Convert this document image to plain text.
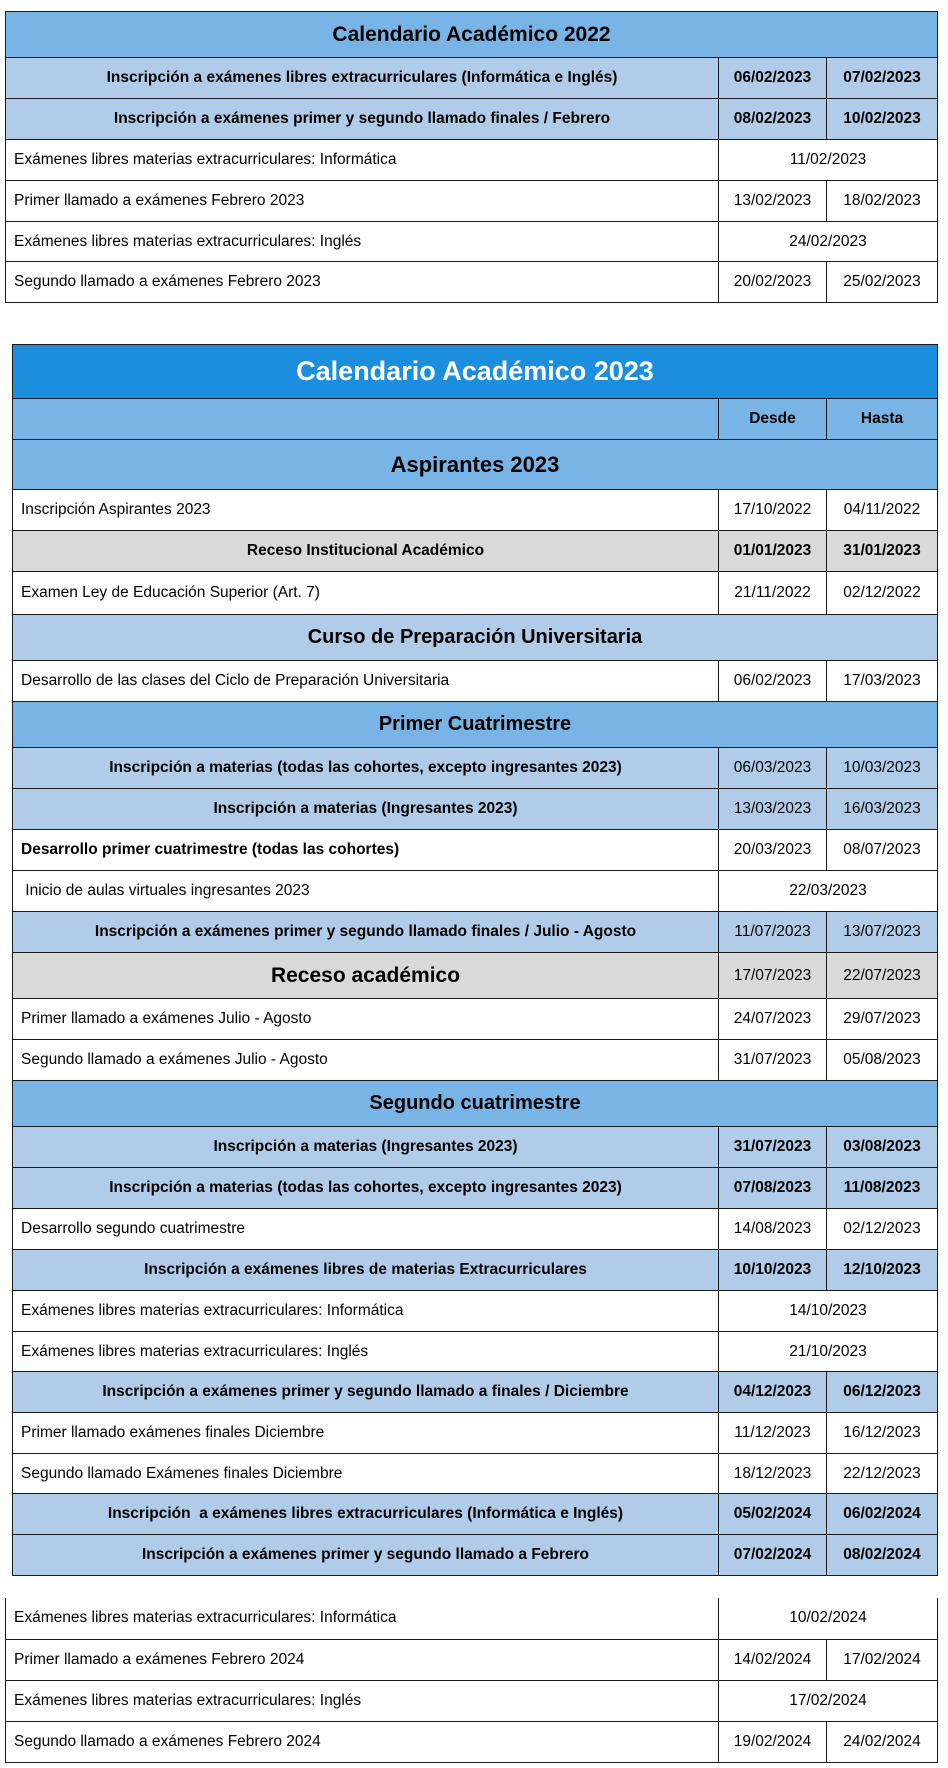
Calendario Académico 2022		
Inscripción a exámenes libres extracurriculares (Informática e Inglés)	06/02/2023	07/02/2023
Inscripción a exámenes primer y segundo llamado finales / Febrero	08/02/2023	10/02/2023
Exámenes libres materias extracurriculares: Informática	11/02/2023	
Primer llamado a exámenes Febrero 2023	13/02/2023	18/02/2023
Exámenes libres materias extracurriculares: Inglés	24/02/2023	
Segundo llamado a exámenes Febrero 2023	20/02/2023	25/02/2023
Calendario Académico 2023		
	Desde	Hasta
Aspirantes 2023		
Inscripción Aspirantes 2023	17/10/2022	04/11/2022
Receso Institucional Académico	01/01/2023	31/01/2023
Examen Ley de Educación Superior (Art. 7)	21/11/2022	02/12/2022
Curso de Preparación Universitaria		
Desarrollo de las clases del Ciclo de Preparación Universitaria	06/02/2023	17/03/2023
Primer Cuatrimestre		
Inscripción a materias (todas las cohortes, excepto ingresantes 2023)	06/03/2023	10/03/2023
Inscripción a materias (Ingresantes 2023)	13/03/2023	16/03/2023
Desarrollo primer cuatrimestre (todas las cohortes)	20/03/2023	08/07/2023
Inicio de aulas virtuales ingresantes 2023	22/03/2023	
Inscripción a exámenes primer y segundo llamado finales / Julio - Agosto	11/07/2023	13/07/2023
Receso académico	17/07/2023	22/07/2023
Primer llamado a exámenes Julio - Agosto	24/07/2023	29/07/2023
Segundo llamado a exámenes Julio - Agosto	31/07/2023	05/08/2023
Segundo cuatrimestre		
Inscripción a materias (Ingresantes 2023)	31/07/2023	03/08/2023
Inscripción a materias (todas las cohortes, excepto ingresantes 2023)	07/08/2023	11/08/2023
Desarrollo segundo cuatrimestre	14/08/2023	02/12/2023
Inscripción a exámenes libres de materias Extracurriculares	10/10/2023	12/10/2023
Exámenes libres materias extracurriculares: Informática	14/10/2023	
Exámenes libres materias extracurriculares: Inglés	21/10/2023	
Inscripción a exámenes primer y segundo llamado a finales / Diciembre	04/12/2023	06/12/2023
Primer llamado exámenes finales Diciembre	11/12/2023	16/12/2023
Segundo llamado Exámenes finales Diciembre	18/12/2023	22/12/2023
Inscripción  a exámenes libres extracurriculares (Informática e Inglés)	05/02/2024	06/02/2024
Inscripción a exámenes primer y segundo llamado a Febrero	07/02/2024	08/02/2024
Exámenes libres materias extracurriculares: Informática	10/02/2024	
Primer llamado a exámenes Febrero 2024	14/02/2024	17/02/2024
Exámenes libres materias extracurriculares: Inglés	17/02/2024	
Segundo llamado a exámenes Febrero 2024	19/02/2024	24/02/2024
